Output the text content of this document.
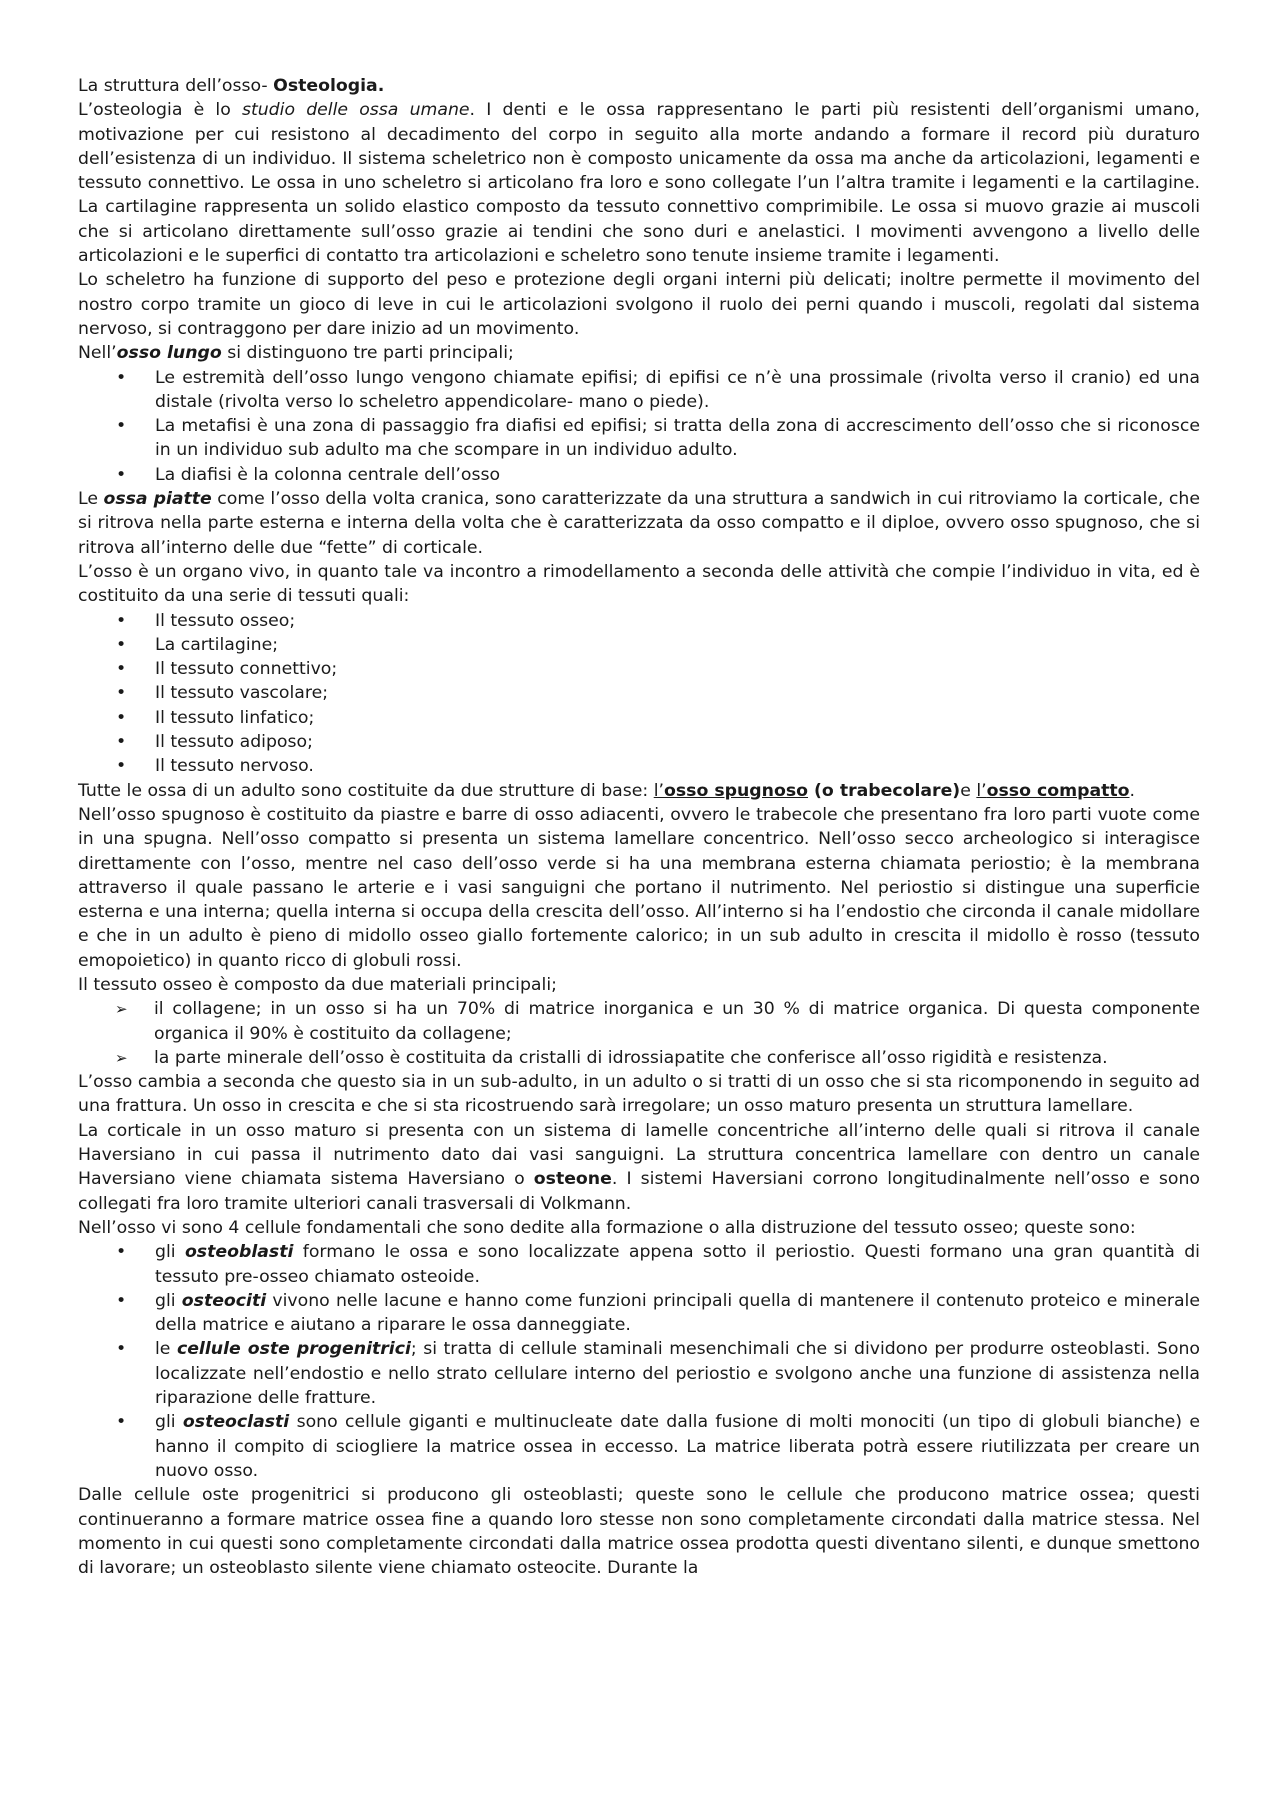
La struttura dell’osso- Osteologia.

L’osteologia è lo studio delle ossa umane. I denti e le ossa rappresentano le parti più resistenti dell’organismi umano, motivazione per cui resistono al decadimento del corpo in seguito alla morte andando a formare il record più duraturo dell’esistenza di un individuo. Il sistema scheletrico non è composto unicamente da ossa ma anche da articolazioni, legamenti e tessuto connettivo. Le ossa in uno scheletro si articolano fra loro e sono collegate l’un l’altra tramite i legamenti e la cartilagine. La cartilagine rappresenta un solido elastico composto da tessuto connettivo comprimibile. Le ossa si muovo grazie ai muscoli che si articolano direttamente sull’osso grazie ai tendini che sono duri e anelastici. I movimenti avvengono a livello delle articolazioni e le superfici di contatto tra articolazioni e scheletro sono tenute insieme tramite i legamenti.

Lo scheletro ha funzione di supporto del peso e protezione degli organi interni più delicati; inoltre permette il movimento del nostro corpo tramite un gioco di leve in cui le articolazioni svolgono il ruolo dei perni quando i muscoli, regolati dal sistema nervoso, si contraggono per dare inizio ad un movimento.

Nell’osso lungo si distinguono tre parti principali;

•	Le estremità dell’osso lungo vengono chiamate epifisi; di epifisi ce n’è una prossimale (rivolta verso il cranio) ed una distale (rivolta verso lo scheletro appendicolare- mano o piede).
•	La metafisi è una zona di passaggio fra diafisi ed epifisi; si tratta della zona di accrescimento dell’osso che si riconosce in un individuo sub adulto ma che scompare in un individuo adulto.
•	La diafisi è la colonna centrale dell’osso

Le ossa piatte come l’osso della volta cranica, sono caratterizzate da una struttura a sandwich in cui ritroviamo la corticale, che si ritrova nella parte esterna e interna della volta che è caratterizzata da osso compatto e il diploe, ovvero osso spugnoso, che si ritrova all’interno delle due “fette” di corticale.

L’osso è un organo vivo, in quanto tale va incontro a rimodellamento a seconda delle attività che compie l’individuo in vita, ed è costituito da una serie di tessuti quali:

•	Il tessuto osseo;
•	La cartilagine;
•	Il tessuto connettivo;
•	Il tessuto vascolare;
•	Il tessuto linfatico;
•	Il tessuto adiposo;
•	Il tessuto nervoso.

Tutte le ossa di un adulto sono costituite da due strutture di base: l’osso spugnoso (o trabecolare)e l’osso compatto.

Nell’osso spugnoso è costituito da piastre e barre di osso adiacenti, ovvero le trabecole che presentano fra loro parti vuote come in una spugna. Nell’osso compatto si presenta un sistema lamellare concentrico. Nell’osso secco archeologico si interagisce direttamente con l’osso, mentre nel caso dell’osso verde si ha una membrana esterna chiamata periostio; è la membrana attraverso il quale passano le arterie e i vasi sanguigni che portano il nutrimento. Nel periostio si distingue una superficie esterna e una interna; quella interna si occupa della crescita dell’osso. All’interno si ha l’endostio che circonda il canale midollare e che in un adulto è pieno di midollo osseo giallo fortemente calorico; in un sub adulto in crescita il midollo è rosso (tessuto emopoietico) in quanto ricco di globuli rossi.

Il tessuto osseo è composto da due materiali principali;

➢	il collagene; in un osso si ha un 70% di matrice inorganica e un 30 % di matrice organica. Di questa componente organica il 90% è costituito da collagene;
➢	la parte minerale dell’osso è costituita da cristalli di idrossiapatite che conferisce all’osso rigidità e resistenza.

L’osso cambia a seconda che questo sia in un sub-adulto, in un adulto o si tratti di un osso che si sta ricomponendo in seguito ad una frattura. Un osso in crescita e che si sta ricostruendo sarà irregolare; un osso maturo presenta un struttura lamellare.

La corticale in un osso maturo si presenta con un sistema di lamelle concentriche all’interno delle quali si ritrova il canale Haversiano in cui passa il nutrimento dato dai vasi sanguigni. La struttura concentrica lamellare con dentro un canale Haversiano viene chiamata sistema Haversiano o osteone. I sistemi Haversiani corrono longitudinalmente nell’osso e sono collegati fra loro tramite ulteriori canali trasversali di Volkmann.

Nell’osso vi sono 4 cellule fondamentali che sono dedite alla formazione o alla distruzione del tessuto osseo; queste sono:

•	gli osteoblasti formano le ossa e sono localizzate appena sotto il periostio. Questi formano una gran quantità di tessuto pre-osseo chiamato osteoide.
•	gli osteociti vivono nelle lacune e hanno come funzioni principali quella di mantenere il contenuto proteico e minerale della matrice e aiutano a riparare le ossa danneggiate.
•	le cellule oste progenitrici; si tratta di cellule staminali mesenchimali che si dividono per produrre osteoblasti. Sono localizzate nell’endostio e nello strato cellulare interno del periostio e svolgono anche una funzione di assistenza nella riparazione delle fratture.
•	gli osteoclasti sono cellule giganti e multinucleate date dalla fusione di molti monociti (un tipo di globuli bianche) e hanno il compito di sciogliere la matrice ossea in eccesso. La matrice liberata potrà essere riutilizzata per creare un nuovo osso.

Dalle cellule oste progenitrici si producono gli osteoblasti; queste sono le cellule che producono matrice ossea; questi continueranno a formare matrice ossea fine a quando loro stesse non sono completamente circondati dalla matrice stessa. Nel momento in cui questi sono completamente circondati dalla matrice ossea prodotta questi diventano silenti, e dunque smettono di lavorare; un osteoblasto silente viene chiamato osteocite. Durante la
